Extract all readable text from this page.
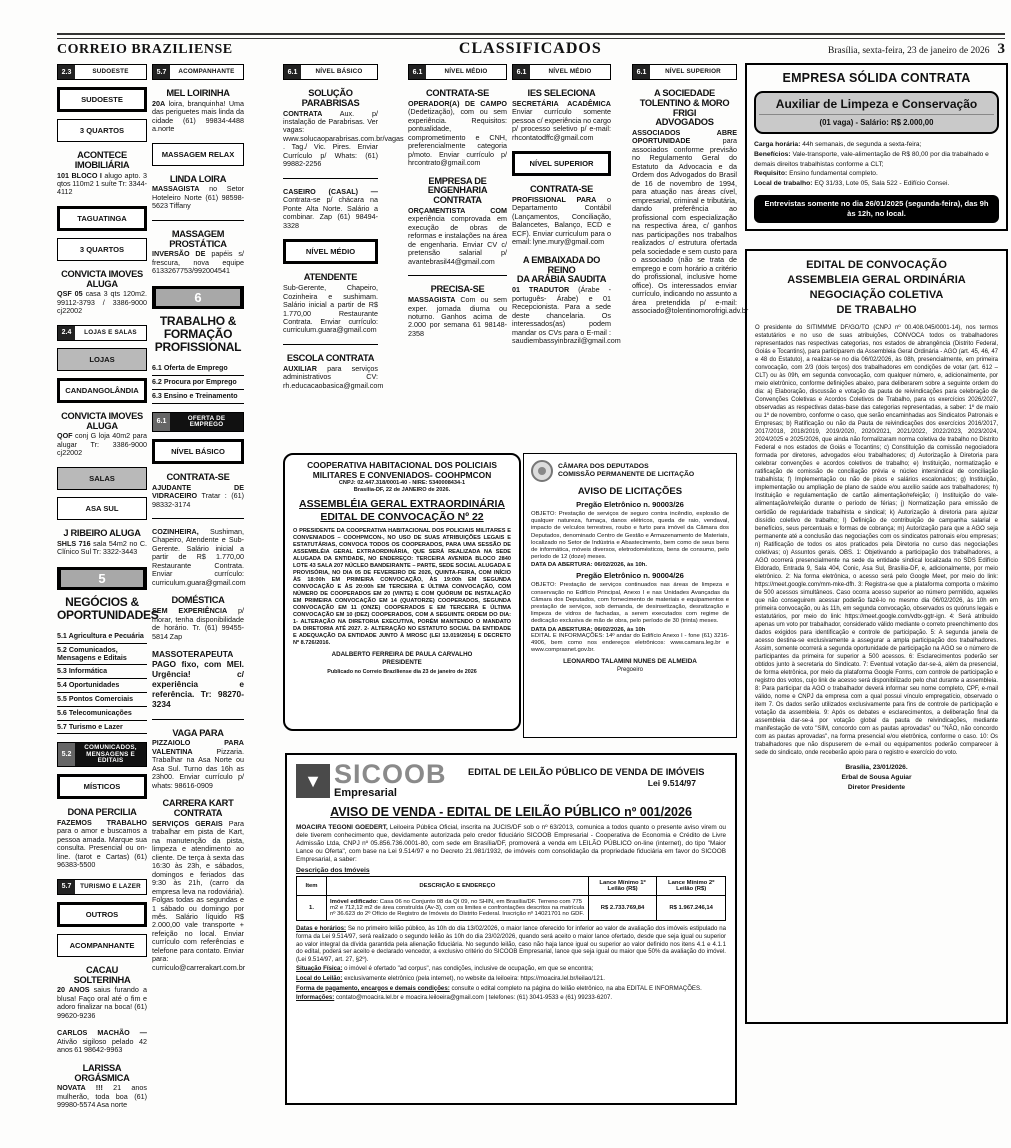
CORREIO BRAZILIENSE	CLASSIFICADOS	Brasília, sexta-feira, 23 de janeiro de 2026 3
2.3	SUDOESTE
SUDOESTE
3 QUARTOS
ACONTECE IMOBILIÁRIA
101 BLOCO I alugo apto. 3 qtos 110m2 1 suíte Tr: 3344-4112
TAGUATINGA
3 QUARTOS
CONVICTA IMOVES ALUGA
QSF 05 casa 3 qts 120m2. 99112-3793 / 3386-9000 cj22002
2.4	LOJAS E SALAS
LOJAS
CANDANGOLÂNDIA
CONVICTA IMOVES ALUGA
QOF conj G loja 40m2 para alugar Tr: 3386-9000 cj22002
SALAS
ASA SUL
J RIBEIRO ALUGA
SHLS 716 sala 54m2 no C. Clínico Sul Tr: 3322-3443
5
NEGÓCIOS & OPORTUNIDADES
5.1 Agricultura e Pecuária
5.2 Comunicados, Mensagens e Editais
5.3 Informática
5.4 Oportunidades
5.5 Pontos Comerciais
5.6 Telecomunicações
5.7 Turismo e Lazer
5.2
COMUNICADOS, MENSAGENS E EDITAIS
MÍSTICOS
DONA PERCILIA
FAZEMOS TRABALHO para o amor e buscamos a pessoa amada. Marque sua consulta. Presencial ou on-line. (tarot e Cartas) (61) 96383-5500
5.7	TURISMO E LAZER
OUTROS
ACOMPANHANTE
CACAU SOLTERINHA
20 ANOS saius furando a blusa! Faço oral até o fim e adoro finalizar na boca! (61) 99620-9236
CARLOS MACHÃO — Ativão sigiloso pelado 42 anos 61 98642-9963
LARISSA ORGÁSMICA
NOVATA !!! 21 anos mulherão, toda boa (61) 99980-5574 Asa norte
5.7	ACOMPANHANTE
MEL LOIRINHA
20A loira, branquinha! Uma das periguetes mais linda da cidade (61) 99834-4488 a.norte
MASSAGEM RELAX
LINDA LOIRA
MASSAGISTA no Setor Hoteleiro Norte (61) 98598-5623 Tiffany
MASSAGEM PROSTÁTICA
INVERSÃO DE papéis s/ frescura, nova equipe 6133267753/992004541
6
TRABALHO & FORMAÇÃO PROFISSIONAL
6.1 Oferta de Emprego
6.2 Procura por Emprego
6.3 Ensino e Treinamento
6.1
OFERTA DE EMPREGO
NÍVEL BÁSICO
CONTRATA-SE
AJUDANTE DE VIDRACEIRO Tratar : (61) 98332-3174
COZINHEIRA, Sushiman, Chapeiro, Atendente e Sub-Gerente. Salário inicial a partir de R$ 1.770,00 Restaurante Contrata. Enviar currículo: curriculum.guara@gmail.com
DOMÉSTICA
SEM EXPERIÊNCIA p/ morar, tenha disponibilidade de horário. Tr. (61) 99455-5814 Zap
MASSOTERAPEUTA PAGO fixo, com MEI. Urgência! c/ experiência e referência. Tr: 98270-3234
VAGA PARA
PIZZAIOLO PARA VALENTINA Pizzaria. Trabalhar na Asa Norte ou Asa Sul. Turno das 16h as 23h00. Enviar currículo p/ whats: 98616-0909
CARRERA KART
CONTRATA
SERVIÇOS GERAIS Para trabalhar em pista de Kart, na manutenção da pista, limpeza e atendimento ao cliente. De terça à sexta das 16:30 às 23h, e sábados, domingos e feriados das 9:30 às 21h, (carro da empresa leva na rodoviária). Folgas todas as segundas e 1 sábado ou domingo por mês. Salário líquido R$ 2.000,00 vale transporte + refeição no local. Enviar currículo com referências e telefone para contato. Enviar para: curriculo@carrerakart.com.br
6.1	NÍVEL BÁSICO
SOLUÇÃO PARABRISAS
CONTRATA Aux. p/ instalação de Parabrisas. Ver vagas: www.solucaoparabrisas.com.br/vagas . Tag./ Vic. Pires. Enviar Currículo p/ Whats: (61) 99882-2256
CASEIRO (CASAL) — Contrata-se p/ chácara na Ponte Alta Norte. Salário a combinar. Zap (61) 98494-3328
NÍVEL MÉDIO
ATENDENTE
Sub-Gerente, Chapeiro, Cozinheira e sushimam. Salário inicial a partir de R$ 1.770,00 Restaurante Contrata. Enviar currículo: curriculum.guara@gmail.com
ESCOLA CONTRATA
AUXILIAR para serviços administrativos CV: rh.educacaobasica@gmail.com
6.1	NÍVEL MÉDIO
CONTRATA-SE
OPERADOR(A) DE CAMPO (Dedetização), com ou sem experiência. Requisitos: pontualidade, comprometimento e CNH, preferencialmente categoria p/moto. Enviar currículo p/ hrcontrato@gmail.com
EMPRESA DE
ENGENHARIA
CONTRATA
ORÇAMENTISTA COM experiência comprovada em execução de obras de reformas e instalações na área de engenharia. Enviar CV c/ pretensão salarial p/ avantebrasil44@gmail.com
PRECISA-SE
MASSAGISTA Com ou sem exper. jornada diurna ou noturno. Ganhos acima de 2.000 por semana 61 98148-2358
6.1	NÍVEL MÉDIO
IES SELECIONA
SECRETÁRIA ACADÊMICA Enviar currículo somente pessoa c/ experiência no cargo p/ processo seletivo p/ e-mail: rhcontatodffc@gmail.com
NÍVEL SUPERIOR
CONTRATA-SE
PROFISSIONAL PARA o Departamento Contábil (Lançamentos, Conciliação, Balancetes, Balanço, ECD e ECF). Enviar curriculum para o email: lyne.mury@gmail.com
A EMBAIXADA DO REINO
DA ARÁBIA SAUDITA
01 TRADUTOR (Árabe - português- Árabe) e 01 Recepcionista. Para a sede deste chancelaria. Os interessados(as) podem mandar os CVs para o E-mail : saudiembassyinbrazil@gmail.com
6.1	NÍVEL SUPERIOR
A SOCIEDADE
TOLENTINO & MORO FRIGI
ADVOGADOS
ASSOCIADOS ABRE OPORTUNIDADE para associados conforme previsão no Regulamento Geral do Estatuto da Advocacia e da Ordem dos Advogados do Brasil de 16 de novembro de 1994, para atuação nas áreas cível, empresarial, criminal e tributária, dando preferência ao profissional com especialização na respectiva área, c/ ganhos nas participações nos trabalhos realizados c/ estrutura ofertada pela sociedade e sem custo para o associado (não se trata de emprego e com horário a critério do profissional, inclusive home office). Os interessados enviar currículo, indicando no assunto a área pretendida p/ e-mail: associado@tolentinomorofrigi.adv.br
COOPERATIVA HABITACIONAL DOS POLICIAIS
MILITARES E CONVENIADOS- COOHPMCON
CNPJ: 02.447.318/0001-40 - NIRE: 5340008434-1
Brasília-DF, 22 de JANEIRO de 2026.
ASSEMBLÉIA GERAL EXTRAORDINÁRIA
EDITAL DE CONVOCAÇÃO Nº 22
O PRESIDENTE DA COOPERATIVA HABITACIONAL DOS POLICIAIS MILITARES E CONVENIADOS – COOHPMCON-, NO USO DE SUAS ATRIBUIÇÕES LEGAIS E ESTATUTÁRIAS, CONVOCA TODOS OS COOPERADOS, PARA UMA SESSÃO DE ASSEMBLÉIA GERAL EXTRAORDINÁRIA, QUE SERÁ REALIZADA NA SEDE ALUGADA DA ENTIDADE, NO ENDEREÇO: TERCEIRA AVENIDA BLOCO 2840 LOTE 43 SALA 207 NÚCLEO BANDEIRANTE – PARTE, SEDE SOCIAL ALUGADA E PROVISÓRIA, NO DIA 05 DE FEVEREIRO DE 2026, QUINTA-FEIRA, COM INÍCIO ÀS 18:00h EM PRIMEIRA CONVOCAÇÃO, ÀS 19:00h EM SEGUNDA CONVOCAÇÃO E ÀS 20:00h EM TERCEIRA E ÚLTIMA CONVOCAÇÃO, COM NÚMERO DE COOPERADOS EM 20 (VINTE) E COM QUÓRUM DE INSTALAÇÃO EM PRIMEIRA CONVOCAÇÃO EM 14 (QUATORZE) COOPERADOS, SEGUNDA CONVOCAÇÃO EM 11 (ONZE) COOPERADOS E EM TERCEIRA E ÚLTIMA CONVOCAÇÃO EM 10 (DEZ) COOPERADOS, COM A SEGUINTE ORDEM DO DIA: 1- ALTERAÇÃO NA DIRETORIA EXECUTIVA, PORÉM MANTENDO O MANDATO DA DIRETORIA ATÉ 2027. 2- ALTERAÇÃO NO ESTATUTO SOCIAL DA ENTIDADE E ADEQUAÇÃO DA ENTIDADE JUNTO À MROSC (LEI 13.019/2014) E DECRETO Nº 8.726/2016.
ADALBERTO FERREIRA DE PAULA CARVALHO
PRESIDENTE
Publicado no Correio Braziliense dia 23 de janeiro de 2026
CÂMARA DOS DEPUTADOS
COMISSÃO PERMANENTE DE LICITAÇÃO
AVISO DE LICITAÇÕES
Pregão Eletrônico n. 90003/26
OBJETO: Prestação de serviços de seguro contra incêndio, explosão de qualquer natureza, fumaça, danos elétricos, queda de raio, vendaval, impacto de veículos terrestres, roubo e furto para imóvel da Câmara dos Deputados, denominado Centro de Gestão e Armazenamento de Materiais, localizado no Setor de Indústria e Abastecimento, bem como de seus bens de informática, móveis diversos, eletrodomésticos, bens de consumo, pelo período de 12 (doze) meses.
DATA DA ABERTURA: 06/02/2026, às 10h.
Pregão Eletrônico n. 90004/26
OBJETO: Prestação de serviços continuados nas áreas de limpeza e conservação no Edifício Principal, Anexo I e nas Unidades Avançadas da Câmara dos Deputados, com fornecimento de materiais e equipamentos e prestação de serviços, sob demanda, de desinsetização, desratização e limpeza de vidros de fachadas, a serem executados com regime de dedicação exclusiva de mão de obra, pelo período de 30 (trinta) meses.
DATA DA ABERTURA: 06/02/2026, às 10h
EDITAL E INFORMAÇÕES: 14º andar do Edifício Anexo I - fone (61) 3216-4906, bem como nos endereços eletrônicos: www.camara.leg.br e www.comprasnet.gov.br.
LEONARDO TALAMINI NUNES DE ALMEIDA
Pregoeiro
▼ SICOOB
Empresarial
EDITAL DE LEILÃO PÚBLICO DE VENDA DE IMÓVEIS
Lei 9.514/97
AVISO DE VENDA - EDITAL DE LEILÃO PÚBLICO nº 001/2026
MOACIRA TEGONI GOEDERT, Leiloeira Pública Oficial, inscrita na JUCIS/DF sob o nº 63/2013, comunica a todos quanto o presente aviso virem ou dele tiverem conhecimento que, devidamente autorizada pelo credor fiduciário SICOOB Empresarial - Cooperativa de Economia e Crédito de Livre Admissão Ltda, CNPJ nº 05.856.736.0001-80, com sede em Brasília/DF, promoverá a venda em LEILÃO PÚBLICO on-line (internet), do tipo "Maior Lance ou Oferta", com base na Lei 9.514/97 e no Decreto 21.981/1932, de imóveis com consolidação da propriedade fiduciária em favor do SICOOB Empresarial, a saber:
Descrição dos Imóveis
Item	DESCRIÇÃO E ENDEREÇO	Lance Mínimo 1º Leilão (R$)	Lance Mínimo 2º Leilão (R$)
1.	Imóvel edificado: Casa 06 no Conjunto 08 da QI 09, no SHIN, em Brasília/DF. Terreno com 775 m2 e 712,12 m2 de área construída (Av-3), com os limites e confrontações descritos na matrícula nº 36.623 do 2º Ofício de Registro de Imóveis do Distrito Federal. Inscrição nº 14021701 no GDF.	R$ 2.733.769,84	R$ 1.967.246,14
Datas e horários: Se no primeiro leilão público, às 10h do dia 13/02/2026, o maior lance oferecido for inferior ao valor de avaliação dos imóveis estipulado na forma da Lei 9.514/97, será realizado o segundo leilão às 10h do dia 23/02/2026, quando será aceito o maior lance ofertado, desde que seja igual ou superior ao valor integral da dívida garantida pela alienação fiduciária. No segundo leilão, caso não haja lance igual ou superior ao valor definido nos itens 4.1 e 4.1.1 do edital, poderá ser aceito e declarado vencedor, a exclusivo critério do SICOOB Empresarial, lance que seja igual ou maior que 50% da avaliação do imóvel. (Lei 9.514/97, art. 27, §2º).
Situação Física: o imóvel é ofertado "ad corpus", nas condições, inclusive de ocupação, em que se encontra;
Local do Leilão: exclusivamente eletrônico (pela internet), no website da leiloeira: https://moacira.lel.br/leilao/121.
Forma de pagamento, encargos e demais condições: consulte o edital completo na página do leilão eletrônico, na aba EDITAL E INFORMAÇÕES.
Informações: contato@moacira.lel.br e moacira.leiloeira@gmail.com | telefones: (61) 3041-9533 e (61) 99233-6207.
EMPRESA SÓLIDA CONTRATA
Auxiliar de Limpeza e Conservação
(01 vaga) - Salário: R$ 2.000,00
Carga horária: 44h semanais, de segunda a sexta-feira;
Benefícios: Vale-transporte, vale-alimentação de R$ 80,00 por dia trabalhado e demais direitos trabalhistas conforme a CLT;
Requisito: Ensino fundamental completo.
Local de trabalho: EQ 31/33, Lote 05, Sala 522 - Edifício Consei.
Entrevistas somente no dia 26/01/2025 (segunda-feira), das 9h às 12h, no local.
EDITAL DE CONVOCAÇÃO
ASSEMBLEIA GERAL ORDINÁRIA
NEGOCIAÇÃO COLETIVA
DE TRABALHO
O presidente do SITIMMME DF/GO/TO (CNPJ nº 00.408.045/0001-14), nos termos estatutários e no uso de suas atribuições, CONVOCA todos os trabalhadores representados nas respectivas categorias, nos estados de abrangência (Distrito Federal, Goiás e Tocantins), para participarem da Assembleia Geral Ordinária - AGO (art. 45, 46, 47 e 48 do Estatuto), a realizar-se no dia 06/02/2026, às 08h, presencialmente, em primeira convocação, com 2/3 (dois terços) dos trabalhadores em condições de votar (art. 612 – CLT) ou às 09h, em segunda convocação, com qualquer número, e, adicionalmente, por meio eletrônico, conforme definições abaixo, para deliberarem sobre a seguinte ordem do dia: a) Elaboração, discussão e votação da pauta de reivindicações para celebração de Convenções Coletivas e Acordos Coletivos de Trabalho, para os exercícios 2026/2027, observadas as respectivas datas-base das categorias representadas, a saber: 1º de maio ou 1º de novembro, conforme o caso, que serão encaminhadas aos Sindicatos Patronais e Empresas; b) Ratificação ou não da Pauta de reivindicações dos exercícios 2016/2017, 2017/2018, 2018/2019, 2019/2020, 2020/2021, 2021/2022, 2022/2023, 2023/2024, 2024/2025 e 2025/2026, que ainda não formalizaram norma coletiva de trabalho no Distrito Federal e nos estados de Goiás e Tocantins; c) Constituição da comissão negociadora formada por diretores, advogados e/ou trabalhadores; d) Autorização à Diretoria para celebrar convenções e acordos coletivos de trabalho; e) Instituição, normatização e ratificação de comissão de conciliação prévia e núcleo intersindical de conciliação trabalhista; f) Implementação ou não de pisos e salários escalonados; g) Instituição, implementação ou ampliação de plano de saúde e/ou auxílio saúde aos trabalhadores; h) Instituição e regulamentação de cartão alimentação/refeição; i) Instituição do vale-alimentação/refeição durante o período de férias; j) Normatização para emissão de certidão de regularidade trabalhista e sindical; k) Autorização à diretoria para ajuizar dissídio coletivo de trabalho; l) Definição de contribuição de campanha salarial e benefícios, seus percentuais e formas de cobrança; m) Autorização para que a AGO seja permanente até a conclusão das negociações com os sindicatos patronais e/ou empresas; n) Ratificação de todos os atos praticados pela Diretoria no curso das negociações coletivas; o) Assuntos gerais. OBS. 1: Objetivando a participação dos trabalhadores, a AGO ocorrerá presencialmente na sede da entidade sindical localizada no SDS Edifício Eldorado, Entrada 9, Sala 404, Conic, Asa Sul, Brasília-DF, e, adicionalmente, por meio eletrônico. 2: Na forma eletrônica, o acesso será pelo Google Meet, por meio do link: https://meet.google.com/mm-mke-dfh. 3: Registra-se que a plataforma comporta o máximo de 500 acessos simultâneos. Caso ocorra acesso superior ao número permitido, aqueles que não conseguirem acessar poderão fazê-lo no mesmo dia 06/02/2026, às 10h em primeira convocação, ou às 11h, em segunda convocação, observados os quóruns legais e estatutários, por meio do link: https://meet.google.com/vdtx-ggtr-ign. 4: Será atribuído apenas um voto por trabalhador, considerado válido mediante o correto preenchimento dos dados exigidos para identificação e controle de participação. 5: A segunda janela de acesso destina-se exclusivamente a assegurar a ampla participação dos trabalhadores. Assim, somente ocorrerá a segunda oportunidade de participação na AGO se o número de participantes da primeira for superior a 500 acessos. 6: Esclarecimentos poderão ser obtidos junto à secretaria do Sindicato. 7: Eventual votação dar-se-á, além da presencial, de forma eletrônica, por meio da plataforma Google Forms, com controle de participação e registro dos votos, cujo link de acesso será disponibilizado pelo chat durante a assembleia. 8: Para participar da AGO o trabalhador deverá informar seu nome completo, CPF, e-mail válido, nome e CNPJ da empresa com a qual possui vínculo empregatício, observado o item 7. Os dados serão utilizados exclusivamente para fins de controle de participação e votação da assembleia. 9: Após os debates e esclarecimentos, a deliberação final da assembleia dar-se-á por votação global da pauta de reivindicações, mediante manifestação de voto "SIM, concordo com as pautas aprovadas" ou "NÃO, não concordo com as pautas aprovadas", na forma presencial e/ou eletrônica, conforme o caso. 10: Os trabalhadores que não dispuserem de e-mail ou equipamentos poderão comparecer à sede do sindicato, onde receberão apoio para o registro e exercício do voto.
Brasília, 23/01/2026.
Erbal de Sousa Aguiar
Diretor Presidente
